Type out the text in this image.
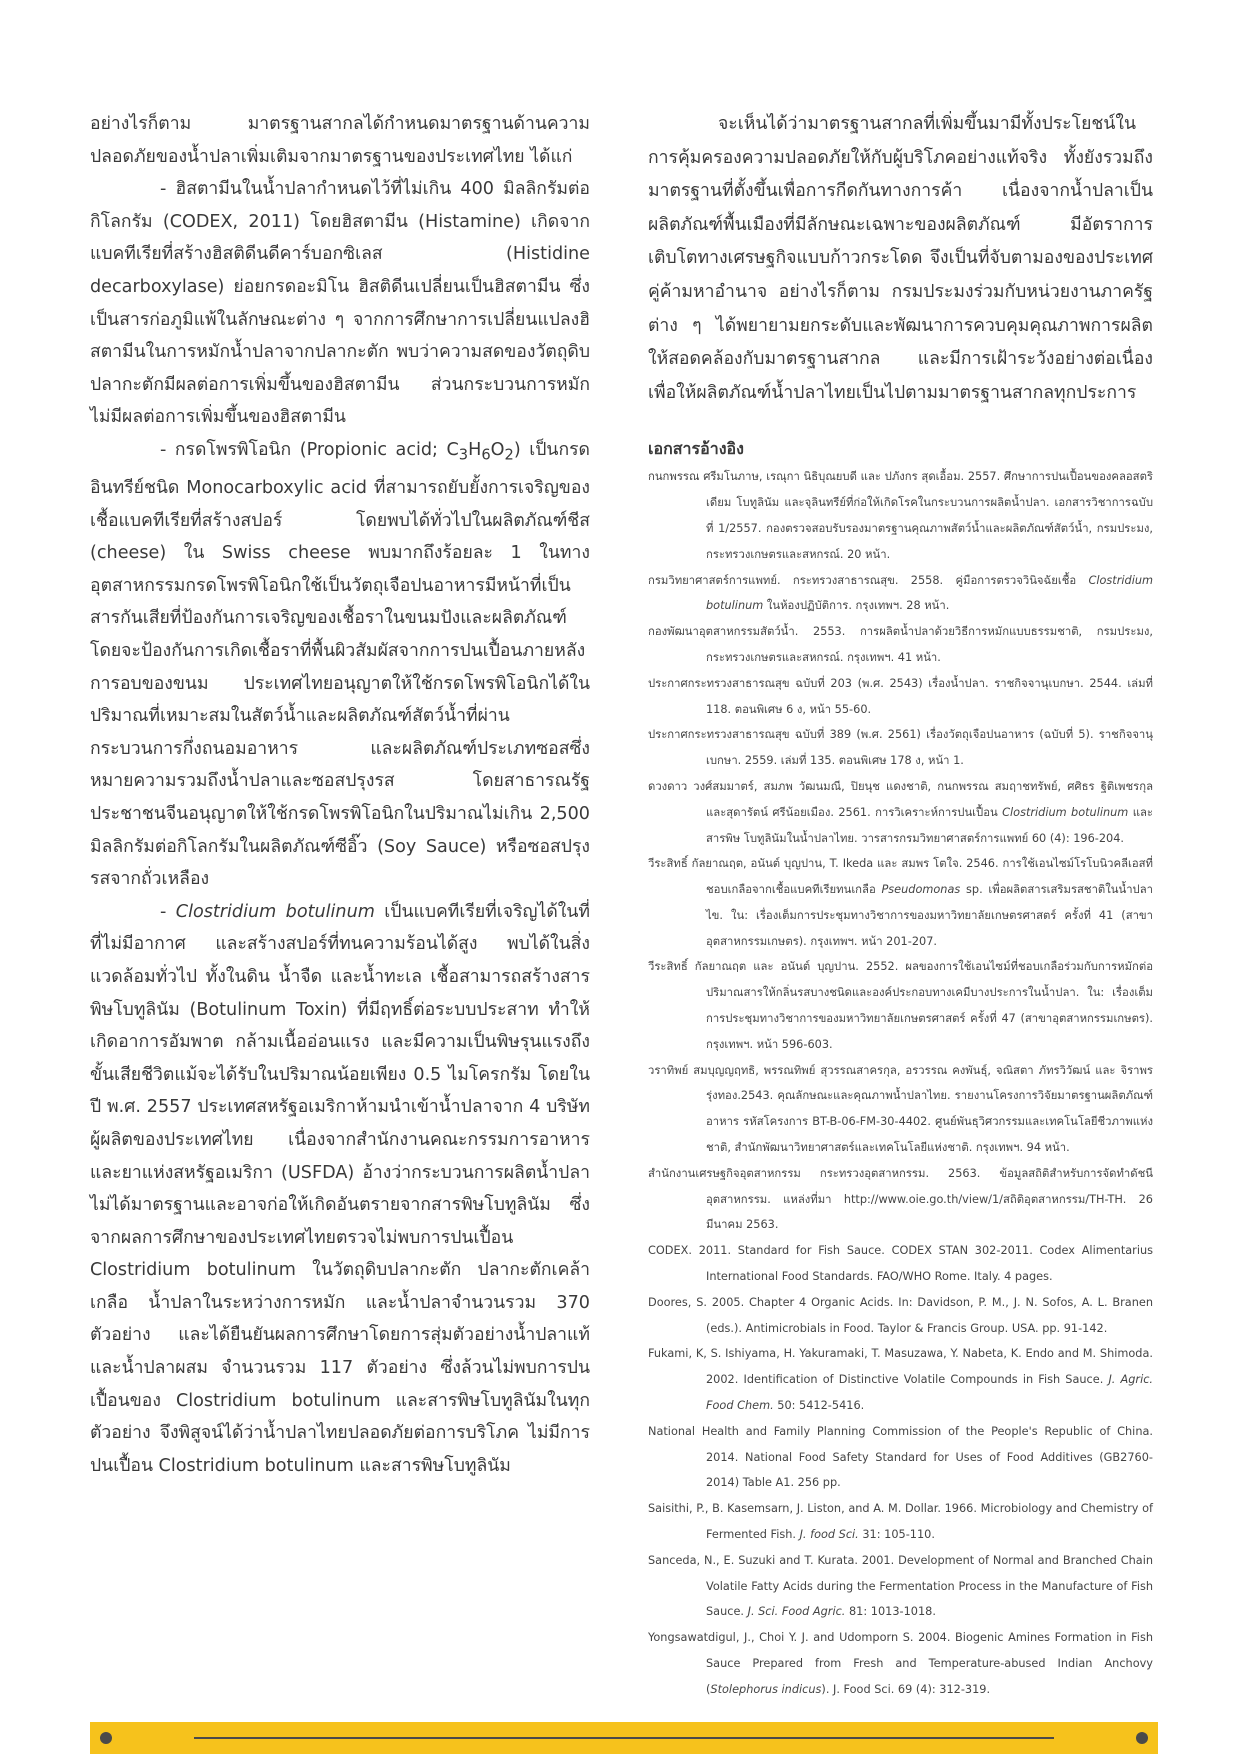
อย่างไรก็ตาม มาตรฐานสากลได้กำหนดมาตรฐานด้านความปลอดภัยของน้ำปลาเพิ่มเติมจากมาตรฐานของประเทศไทย ได้แก่

- ฮิสตามีนในน้ำปลากำหนดไว้ที่ไม่เกิน 400 มิลลิกรัมต่อกิโลกรัม (CODEX, 2011) โดยฮิสตามีน (Histamine) เกิดจากแบคทีเรียที่สร้างฮิสติดีนดีคาร์บอกซิเลส (Histidine decarboxylase) ย่อยกรดอะมิโน ฮิสติดีนเปลี่ยนเป็นฮิสตามีน ซึ่งเป็นสารก่อภูมิแพ้ในลักษณะต่าง ๆ จากการศึกษาการเปลี่ยนแปลงฮิสตามีนในการหมักน้ำปลาจากปลากะตัก พบว่าความสดของวัตถุดิบปลากะตักมีผลต่อการเพิ่มขึ้นของฮิสตามีน ส่วนกระบวนการหมักไม่มีผลต่อการเพิ่มขึ้นของฮิสตามีน

- กรดโพรพิโอนิก (Propionic acid; $C_3H_6O_2$) เป็นกรดอินทรีย์ชนิด Monocarboxylic acid ที่สามารถยับยั้งการเจริญของเชื้อแบคทีเรียที่สร้างสปอร์ โดยพบได้ทั่วไปในผลิตภัณฑ์ชีส (cheese) ใน Swiss cheese พบมากถึงร้อยละ 1 ในทางอุตสาหกรรมกรดโพรพิโอนิกใช้เป็นวัตถุเจือปนอาหารมีหน้าที่เป็นสารกันเสียที่ป้องกันการเจริญของเชื้อราในขนมปังและผลิตภัณฑ์ โดยจะป้องกันการเกิดเชื้อราที่พื้นผิวสัมผัสจากการปนเปื้อนภายหลังการอบของขนม ประเทศไทยอนุญาตให้ใช้กรดโพรพิโอนิกได้ในปริมาณที่เหมาะสมในสัตว์น้ำและผลิตภัณฑ์สัตว์น้ำที่ผ่านกระบวนการกึ่งถนอมอาหาร และผลิตภัณฑ์ประเภทซอสซึ่งหมายความรวมถึงน้ำปลาและซอสปรุงรส โดยสาธารณรัฐประชาชนจีนอนุญาตให้ใช้กรดโพรพิโอนิกในปริมาณไม่เกิน 2,500 มิลลิกรัมต่อกิโลกรัมในผลิตภัณฑ์ซีอิ๊ว (Soy Sauce) หรือซอสปรุงรสจากถั่วเหลือง

- Clostridium botulinum เป็นแบคทีเรียที่เจริญได้ในที่ที่ไม่มีอากาศ และสร้างสปอร์ที่ทนความร้อนได้สูง พบได้ในสิ่งแวดล้อมทั่วไป ทั้งในดิน น้ำจืด และน้ำทะเล เชื้อสามารถสร้างสารพิษโบทูลินัม (Botulinum Toxin) ที่มีฤทธิ์ต่อระบบประสาท ทำให้เกิดอาการอัมพาต กล้ามเนื้ออ่อนแรง และมีความเป็นพิษรุนแรงถึงขั้นเสียชีวิตแม้จะได้รับในปริมาณน้อยเพียง 0.5 ไมโครกรัม โดยในปี พ.ศ. 2557 ประเทศสหรัฐอเมริกาห้ามนำเข้าน้ำปลาจาก 4 บริษัทผู้ผลิตของประเทศไทย เนื่องจากสำนักงานคณะกรรมการอาหารและยาแห่งสหรัฐอเมริกา (USFDA) อ้างว่ากระบวนการผลิตน้ำปลาไม่ได้มาตรฐานและอาจก่อให้เกิดอันตรายจากสารพิษโบทูลินัม ซึ่งจากผลการศึกษาของประเทศไทยตรวจไม่พบการปนเปื้อน Clostridium botulinum ในวัตถุดิบปลากะตัก ปลากะตักเคล้าเกลือ น้ำปลาในระหว่างการหมัก และน้ำปลาจำนวนรวม 370 ตัวอย่าง และได้ยืนยันผลการศึกษาโดยการสุ่มตัวอย่างน้ำปลาแท้และน้ำปลาผสม จำนวนรวม 117 ตัวอย่าง ซึ่งล้วนไม่พบการปนเปื้อนของ Clostridium botulinum และสารพิษโบทูลินัมในทุกตัวอย่าง จึงพิสูจน์ได้ว่าน้ำปลาไทยปลอดภัยต่อการบริโภค ไม่มีการปนเปื้อน Clostridium botulinum และสารพิษโบทูลินัม

จะเห็นได้ว่ามาตรฐานสากลที่เพิ่มขึ้นมามีทั้งประโยชน์ในการคุ้มครองความปลอดภัยให้กับผู้บริโภคอย่างแท้จริง ทั้งยังรวมถึงมาตรฐานที่ตั้งขึ้นเพื่อการกีดกันทางการค้า เนื่องจากน้ำปลาเป็นผลิตภัณฑ์พื้นเมืองที่มีลักษณะเฉพาะของผลิตภัณฑ์ มีอัตราการเติบโตทางเศรษฐกิจแบบก้าวกระโดด จึงเป็นที่จับตามองของประเทศคู่ค้ามหาอำนาจ อย่างไรก็ตาม กรมประมงร่วมกับหน่วยงานภาครัฐต่าง ๆ ได้พยายามยกระดับและพัฒนาการควบคุมคุณภาพการผลิตให้สอดคล้องกับมาตรฐานสากล และมีการเฝ้าระวังอย่างต่อเนื่อง เพื่อให้ผลิตภัณฑ์น้ำปลาไทยเป็นไปตามมาตรฐานสากลทุกประการ

เอกสารอ้างอิง

กนกพรรณ ศรีมโนภาษ, เรณุกา นิธิบุณยบดี และ ปภังกร สุดเอื้อม. 2557. ศึกษาการปนเปื้อนของคลอสตริเดียม โบทูลินัม และจุลินทรีย์ที่ก่อให้เกิดโรคในกระบวนการผลิตน้ำปลา. เอกสารวิชาการฉบับที่ 1/2557. กองตรวจสอบรับรองมาตรฐานคุณภาพสัตว์น้ำและผลิตภัณฑ์สัตว์น้ำ, กรมประมง, กระทรวงเกษตรและสหกรณ์. 20 หน้า.

กรมวิทยาศาสตร์การแพทย์. กระทรวงสาธารณสุข. 2558. คู่มือการตรวจวินิจฉัยเชื้อ Clostridium botulinum ในห้องปฏิบัติการ. กรุงเทพฯ. 28 หน้า.

กองพัฒนาอุตสาหกรรมสัตว์น้ำ. 2553. การผลิตน้ำปลาด้วยวิธีการหมักแบบธรรมชาติ, กรมประมง, กระทรวงเกษตรและสหกรณ์. กรุงเทพฯ. 41 หน้า.

ประกาศกระทรวงสาธารณสุข ฉบับที่ 203 (พ.ศ. 2543) เรื่องน้ำปลา. ราชกิจจานุเบกษา. 2544. เล่มที่ 118. ตอนพิเศษ 6 ง, หน้า 55-60.

ประกาศกระทรวงสาธารณสุข ฉบับที่ 389 (พ.ศ. 2561) เรื่องวัตถุเจือปนอาหาร (ฉบับที่ 5). ราชกิจจานุเบกษา. 2559. เล่มที่ 135. ตอนพิเศษ 178 ง, หน้า 1.

ดวงดาว วงศ์สมมาตร์, สมภพ วัฒนมณี, ปิยนุช แดงชาติ, กนกพรรณ สมฤาชทรัพย์, ศศิธร ฐิติเพชรกุล และสุดารัตน์ ศรีน้อยเมือง. 2561. การวิเคราะห์การปนเปื้อน Clostridium botulinum และสารพิษ โบทูลินัมในน้ำปลาไทย. วารสารกรมวิทยาศาสตร์การแพทย์ 60 (4): 196-204.

วีระสิทธิ์ กัลยาณฤต, อนันต์ บุญปาน, T. Ikeda และ สมพร โตใจ. 2546. การใช้เอนไซม์โรโบนิวคลีเอสที่ชอบเกลือจากเชื้อแบคทีเรียทนเกลือ Pseudomonas sp. เพื่อผลิตสารเสริมรสชาติในน้ำปลาไข. ใน: เรื่องเต็มการประชุมทางวิชาการของมหาวิทยาลัยเกษตรศาสตร์ ครั้งที่ 41 (สาขาอุตสาหกรรมเกษตร). กรุงเทพฯ. หน้า 201-207.

วีระสิทธิ์ กัลยาณฤต และ อนันต์ บุญปาน. 2552. ผลของการใช้เอนไซม์ที่ชอบเกลือร่วมกับการหมักต่อปริมาณสารให้กลิ่นรสบางชนิดและองค์ประกอบทางเคมีบางประการในน้ำปลา. ใน: เรื่องเต็มการประชุมทางวิชาการของมหาวิทยาลัยเกษตรศาสตร์ ครั้งที่ 47 (สาขาอุตสาหกรรมเกษตร). กรุงเทพฯ. หน้า 596-603.

วราทิพย์ สมบุญญฤทธิ, พรรณทิพย์ สุวรรณสาครกุล, อรวรรณ คงพันธุ์, จณิสตา ภัทรวิวัฒน์ และ จิราพร รุ่งทอง.2543. คุณลักษณะและคุณภาพน้ำปลาไทย. รายงานโครงการวิจัยมาตรฐานผลิตภัณฑ์อาหาร รหัสโครงการ BT-B-06-FM-30-4402. ศูนย์พันธุวิศวกรรมและเทคโนโลยีชีวภาพแห่งชาติ, สำนักพัฒนาวิทยาศาสตร์และเทคโนโลยีแห่งชาติ. กรุงเทพฯ. 94 หน้า.

สำนักงานเศรษฐกิจอุตสาหกรรม กระทรวงอุตสาหกรรม. 2563. ข้อมูลสถิติสำหรับการจัดทำดัชนีอุตสาหกรรม. แหล่งที่มา http://www.oie.go.th/view/1/สถิติอุตสาหกรรม/TH-TH. 26 มีนาคม 2563.

CODEX. 2011. Standard for Fish Sauce. CODEX STAN 302-2011. Codex Alimentarius International Food Standards. FAO/WHO Rome. Italy. 4 pages.

Doores, S. 2005. Chapter 4 Organic Acids. In: Davidson, P. M., J. N. Sofos, A. L. Branen (eds.). Antimicrobials in Food. Taylor & Francis Group. USA. pp. 91-142.

Fukami, K, S. Ishiyama, H. Yakuramaki, T. Masuzawa, Y. Nabeta, K. Endo and M. Shimoda. 2002. Identification of Distinctive Volatile Compounds in Fish Sauce. J. Agric. Food Chem. 50: 5412-5416.

National Health and Family Planning Commission of the People's Republic of China. 2014. National Food Safety Standard for Uses of Food Additives (GB2760-2014) Table A1. 256 pp.

Saisithi, P., B. Kasemsarn, J. Liston, and A. M. Dollar. 1966. Microbiology and Chemistry of Fermented Fish. J. food Sci. 31: 105-110.

Sanceda, N., E. Suzuki and T. Kurata. 2001. Development of Normal and Branched Chain Volatile Fatty Acids during the Fermentation Process in the Manufacture of Fish Sauce. J. Sci. Food Agric. 81: 1013-1018.

Yongsawatdigul, J., Choi Y. J. and Udomporn S. 2004. Biogenic Amines Formation in Fish Sauce Prepared from Fresh and Temperature-abused Indian Anchovy (Stolephorus indicus). J. Food Sci. 69 (4): 312-319.
